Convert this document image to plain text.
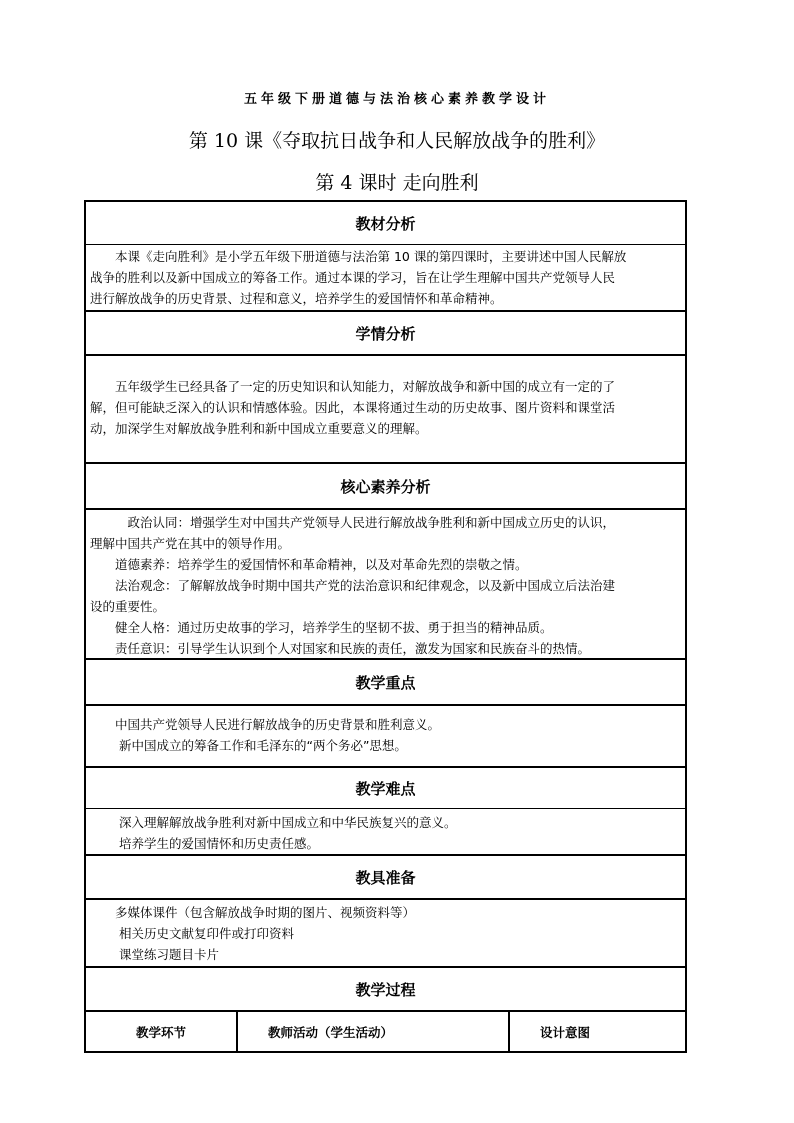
五年级下册道德与法治核心素养教学设计
第 10 课《夺取抗日战争和人民解放战争的胜利》
第 4 课时 走向胜利
教材分析
　　本课《走向胜利》是小学五年级下册道德与法治第 10 课的第四课时，主要讲述中国人民解放
战争的胜利以及新中国成立的筹备工作。通过本课的学习，旨在让学生理解中国共产党领导人民
进行解放战争的历史背景、过程和意义，培养学生的爱国情怀和革命精神。
学情分析
　　五年级学生已经具备了一定的历史知识和认知能力，对解放战争和新中国的成立有一定的了
解，但可能缺乏深入的认识和情感体验。因此，本课将通过生动的历史故事、图片资料和课堂活
动，加深学生对解放战争胜利和新中国成立重要意义的理解。
核心素养分析
　　　政治认同：增强学生对中国共产党领导人民进行解放战争胜利和新中国成立历史的认识，
理解中国共产党在其中的领导作用。
　　道德素养：培养学生的爱国情怀和革命精神，以及对革命先烈的崇敬之情。
　　法治观念：了解解放战争时期中国共产党的法治意识和纪律观念，以及新中国成立后法治建
设的重要性。
　　健全人格：通过历史故事的学习，培养学生的坚韧不拔、勇于担当的精神品质。
　　责任意识：引导学生认识到个人对国家和民族的责任，激发为国家和民族奋斗的热情。
教学重点
　　中国共产党领导人民进行解放战争的历史背景和胜利意义。
　　 新中国成立的筹备工作和毛泽东的“两个务必”思想。
教学难点
　　 深入理解解放战争胜利对新中国成立和中华民族复兴的意义。
　　 培养学生的爱国情怀和历史责任感。
教具准备
　　多媒体课件（包含解放战争时期的图片、视频资料等）
　　 相关历史文献复印件或打印资料
　　 课堂练习题目卡片
教学过程
教学环节	教师活动（学生活动）	设计意图
